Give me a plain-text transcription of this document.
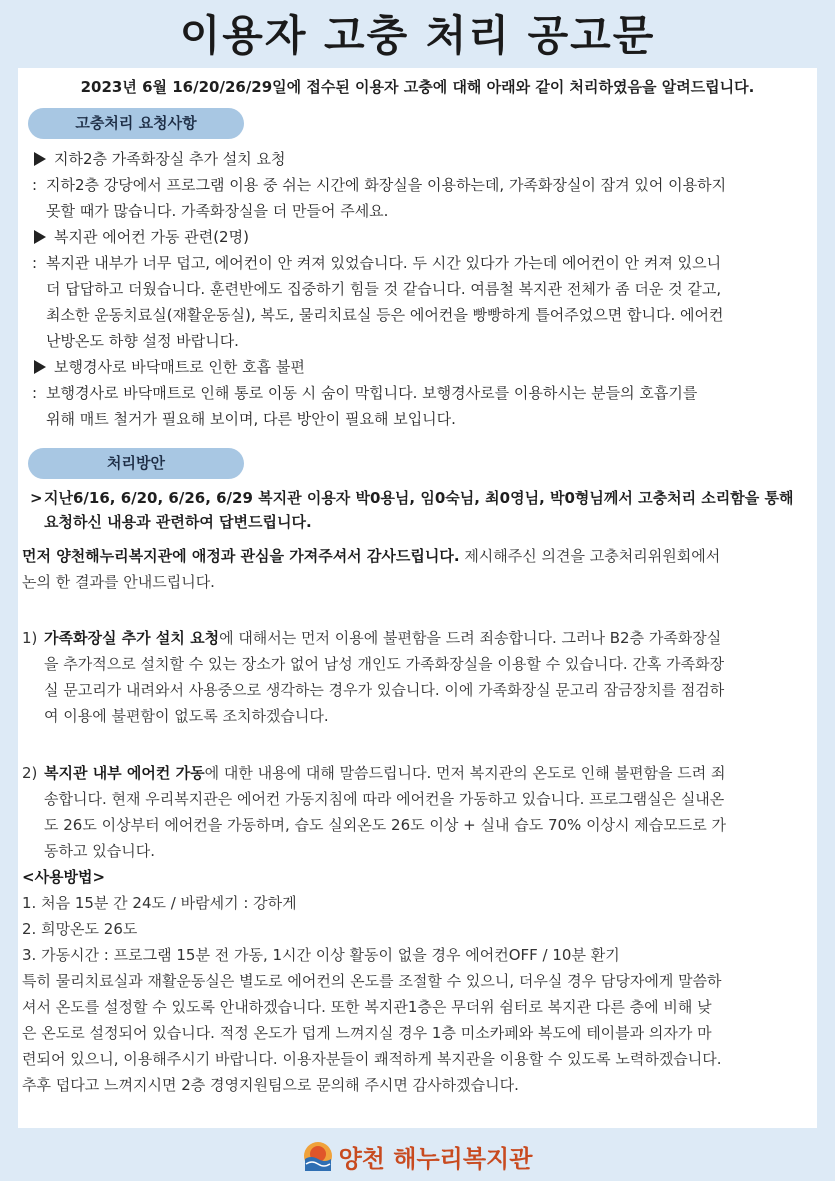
이용자 고충 처리 공고문
2023년 6월 16/20/26/29일에 접수된 이용자 고충에 대해 아래와 같이 처리하였음을 알려드립니다.
고충처리 요청사항
지하2층 가족화장실 추가 설치 요청
: 지하2층 강당에서 프로그램 이용 중 쉬는 시간에 화장실을 이용하는데, 가족화장실이 잠겨 있어 이용하지
못할 때가 많습니다. 가족화장실을 더 만들어 주세요.
복지관 에어컨 가동 관련(2명)
: 복지관 내부가 너무 덥고, 에어컨이 안 켜져 있었습니다. 두 시간 있다가 가는데 에어컨이 안 켜져 있으니
더 답답하고 더웠습니다. 훈련반에도 집중하기 힘들 것 같습니다. 여름철 복지관 전체가 좀 더운 것 같고,
최소한 운동치료실(재활운동실), 복도, 물리치료실 등은 에어컨을 빵빵하게 틀어주었으면 합니다. 에어컨
난방온도 하향 설정 바랍니다.
보행경사로 바닥매트로 인한 호흡 불편
: 보행경사로 바닥매트로 인해 통로 이동 시 숨이 막힙니다. 보행경사로를 이용하시는 분들의 호흡기를
위해 매트 철거가 필요해 보이며, 다른 방안이 필요해 보입니다.
처리방안
>지난6/16, 6/20, 6/26, 6/29 복지관 이용자 박0용님, 임0숙님, 최0영님, 박0형님께서 고충처리 소리함을 통해
요청하신 내용과 관련하여 답변드립니다.
먼저 양천해누리복지관에 애정과 관심을 가져주셔서 감사드립니다. 제시해주신 의견을 고충처리위원회에서
논의 한 결과를 안내드립니다.
1) 가족화장실 추가 설치 요청에 대해서는 먼저 이용에 불편함을 드려 죄송합니다. 그러나 B2층 가족화장실
을 추가적으로 설치할 수 있는 장소가 없어 남성 개인도 가족화장실을 이용할 수 있습니다. 간혹 가족화장
실 문고리가 내려와서 사용중으로 생각하는 경우가 있습니다. 이에 가족화장실 문고리 잠금장치를 점검하
여 이용에 불편함이 없도록 조치하겠습니다.
2) 복지관 내부 에어컨 가동에 대한 내용에 대해 말씀드립니다. 먼저 복지관의 온도로 인해 불편함을 드려 죄
송합니다. 현재 우리복지관은 에어컨 가동지침에 따라 에어컨을 가동하고 있습니다. 프로그램실은 실내온
도 26도 이상부터 에어컨을 가동하며, 습도 실외온도 26도 이상 + 실내 습도 70% 이상시 제습모드로 가
동하고 있습니다.
<사용방법>
1. 처음 15분 간 24도 / 바람세기 : 강하게
2. 희망온도 26도
3. 가동시간 : 프로그램 15분 전 가동, 1시간 이상 활동이 없을 경우 에어컨OFF / 10분 환기
특히 물리치료실과 재활운동실은 별도로 에어컨의 온도를 조절할 수 있으니, 더우실 경우 담당자에게 말씀하
셔서 온도를 설정할 수 있도록 안내하겠습니다. 또한 복지관1층은 무더위 쉼터로 복지관 다른 층에 비해 낮
은 온도로 설정되어 있습니다. 적정 온도가 덥게 느껴지실 경우 1층 미소카페와 복도에 테이블과 의자가 마
련되어 있으니, 이용해주시기 바랍니다. 이용자분들이 쾌적하게 복지관을 이용할 수 있도록 노력하겠습니다.
추후 덥다고 느껴지시면 2층 경영지원팀으로 문의해 주시면 감사하겠습니다.
양천 해누리복지관
